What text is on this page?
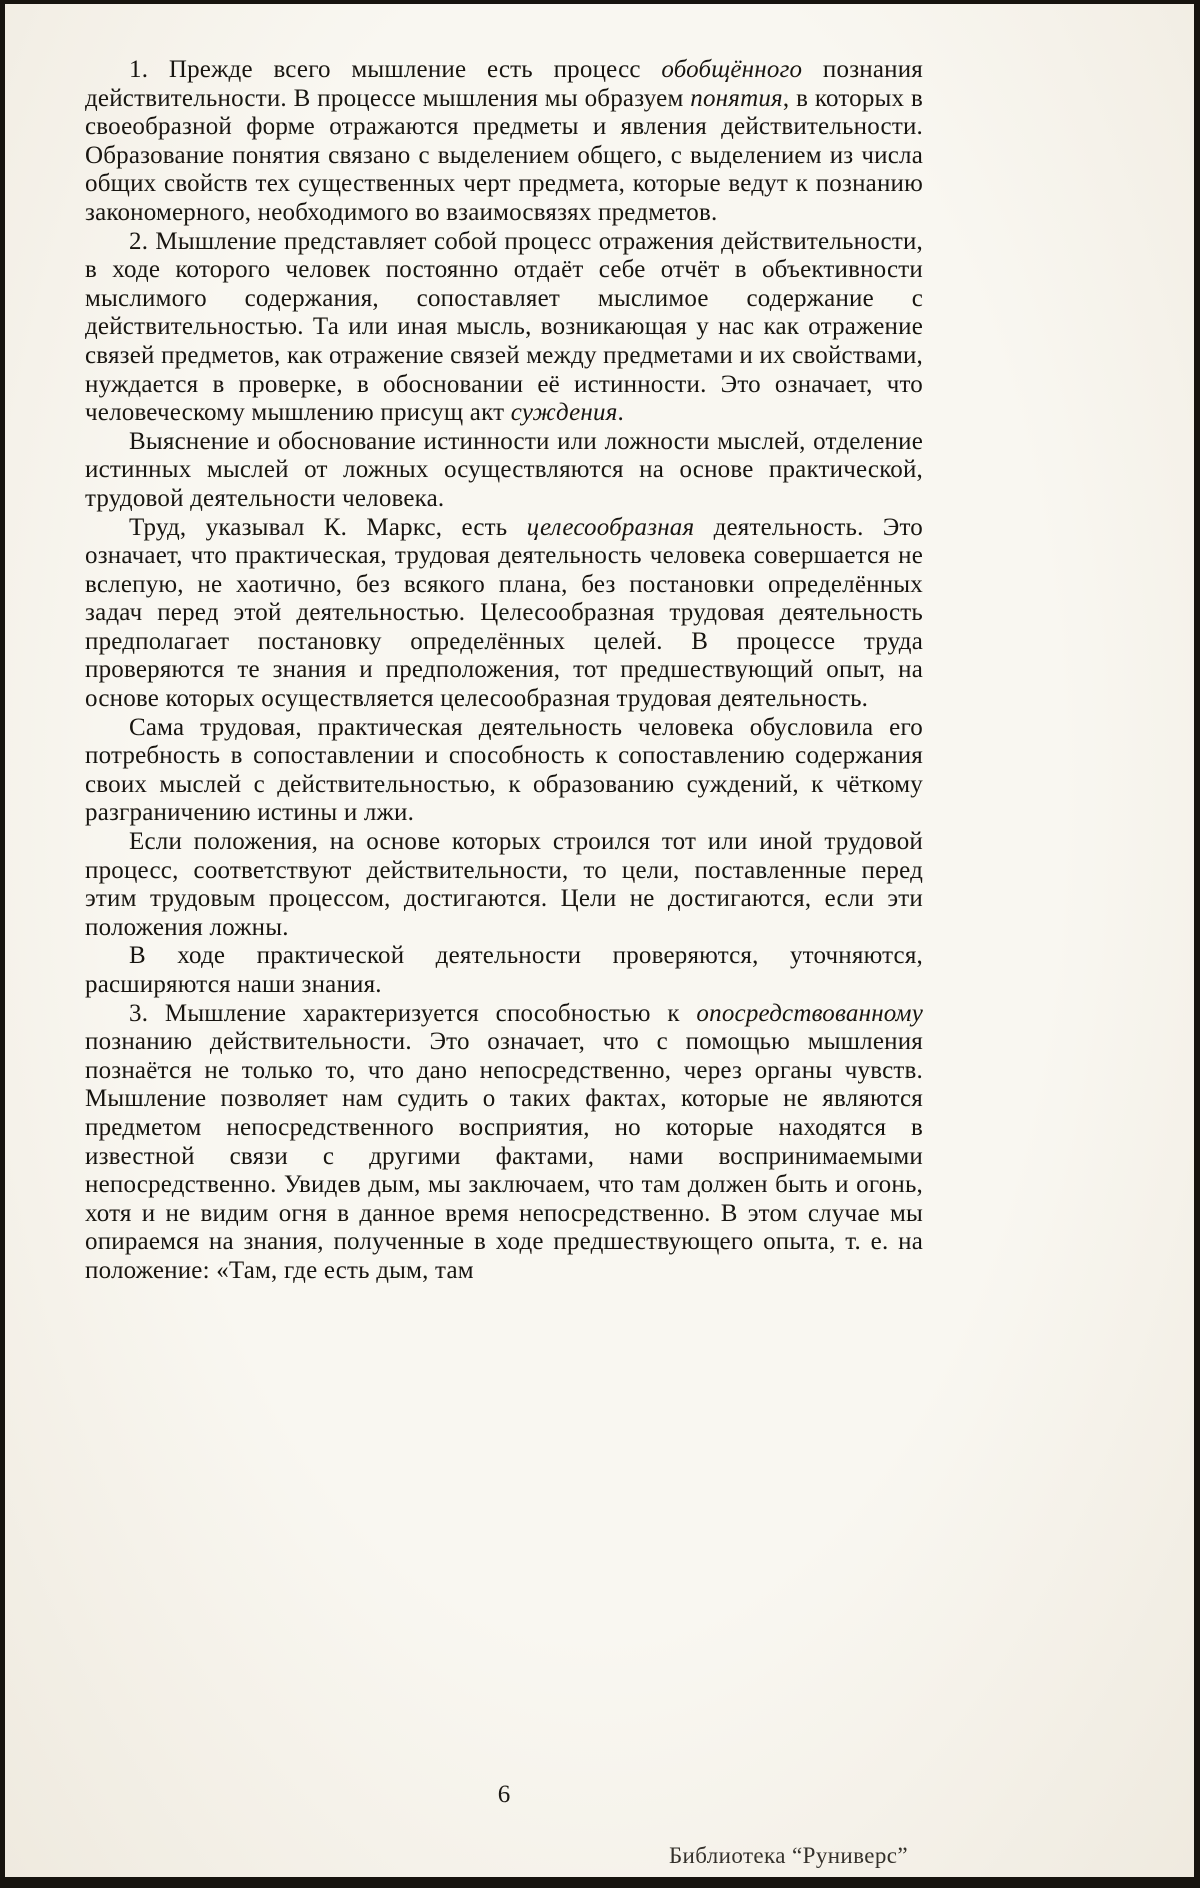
1. Прежде всего мышление есть процесс обобщённого познания действительности. В процессе мышления мы образуем понятия, в которых в своеобразной форме отражаются предметы и явления действительности. Образование понятия связано с выделением общего, с выделением из числа общих свойств тех существенных черт предмета, которые ведут к познанию закономерного, необходимого во взаимосвязях предметов.

2. Мышление представляет собой процесс отражения действительности, в ходе которого человек постоянно отдаёт себе отчёт в объективности мыслимого содержания, сопоставляет мыслимое содержание с действительностью. Та или иная мысль, возникающая у нас как отражение связей предметов, как отражение связей между предметами и их свойствами, нуждается в проверке, в обосновании её истинности. Это означает, что человеческому мышлению присущ акт суждения.

Выяснение и обоснование истинности или ложности мыслей, отделение истинных мыслей от ложных осуществляются на основе практической, трудовой деятельности человека.

Труд, указывал К. Маркс, есть целесообразная деятельность. Это означает, что практическая, трудовая деятельность человека совершается не вслепую, не хаотично, без всякого плана, без постановки определённых задач перед этой деятельностью. Целесообразная трудовая деятельность предполагает постановку определённых целей. В процессе труда проверяются те знания и предположения, тот предшествующий опыт, на основе которых осуществляется целесообразная трудовая деятельность.

Сама трудовая, практическая деятельность человека обусловила его потребность в сопоставлении и способность к сопоставлению содержания своих мыслей с действительностью, к образованию суждений, к чёткому разграничению истины и лжи.

Если положения, на основе которых строился тот или иной трудовой процесс, соответствуют действительности, то цели, поставленные перед этим трудовым процессом, достигаются. Цели не достигаются, если эти положения ложны.

В ходе практической деятельности проверяются, уточняются, расширяются наши знания.

3. Мышление характеризуется способностью к опосредствованному познанию действительности. Это означает, что с помощью мышления познаётся не только то, что дано непосредственно, через органы чувств. Мышление позволяет нам судить о таких фактах, которые не являются предметом непосредственного восприятия, но которые находятся в известной связи с другими фактами, нами воспринимаемыми непосредственно. Увидев дым, мы заключаем, что там должен быть и огонь, хотя и не видим огня в данное время непосредственно. В этом случае мы опираемся на знания, полученные в ходе предшествующего опыта, т. е. на положение: «Там, где есть дым, там

6
Библиотека “Руниверс”
